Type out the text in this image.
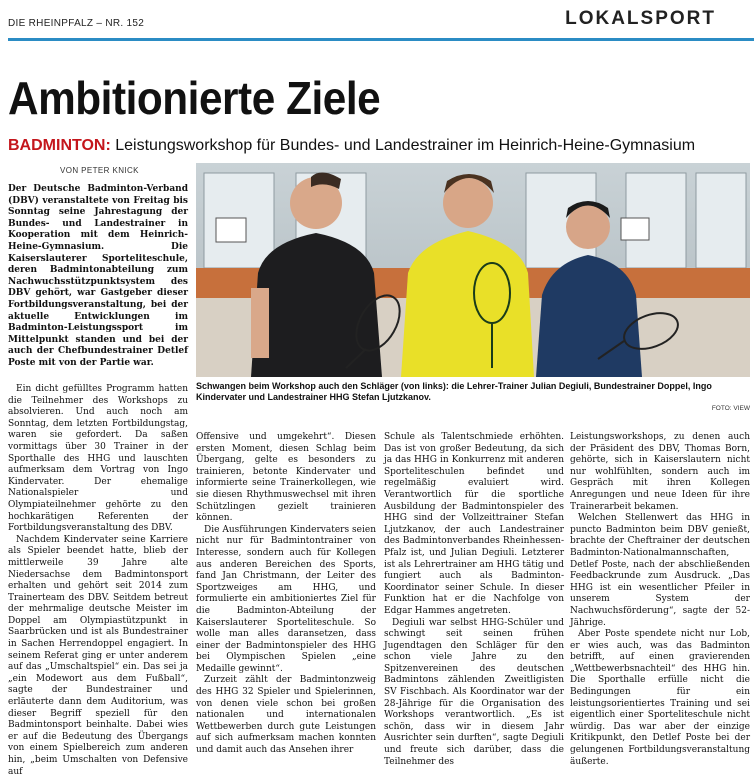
DIE RHEINPFALZ – NR. 152	LOKALSPORT
Ambitionierte Ziele
BADMINTON: Leistungsworkshop für Bundes- und Landestrainer im Heinrich-Heine-Gymnasium
VON PETER KNICK
Der Deutsche Badminton-Verband (DBV) veranstaltete von Freitag bis Sonntag seine Jahrestagung der Bundes- und Landestrainer in Kooperation mit dem Heinrich-Heine-Gymnasium. Die Kaiserslauterer Sporteliteschule, deren Badmintonabteilung zum Nachwuchsstützpunktsystem des DBV gehört, war Gastgeber dieser Fortbildungsveranstaltung, bei der aktuelle Entwicklungen im Badminton-Leistungssport im Mittelpunkt standen und bei der auch der Chefbundestrainer Detlef Poste mit von der Partie war.

Ein dicht gefülltes Programm hatten die Teilnehmer des Workshops zu absolvieren. Und auch noch am Sonntag, dem letzten Fortbildungstag, waren sie gefordert. Da saßen vormittags über 30 Trainer in der Sporthalle des HHG und lauschten aufmerksam dem Vortrag von Ingo Kindervater. Der ehemalige Nationalspieler und Olympiateilnehmer gehörte zu den hochkarätigen Referenten der Fortbildungsveranstaltung des DBV.

Nachdem Kindervater seine Karriere als Spieler beendet hatte, blieb der mittlerweile 39 Jahre alte Niedersachse dem Badmintonsport erhalten und gehört seit 2014 zum Trainerteam des DBV. Seitdem betreut der mehrmalige deutsche Meister im Doppel am Olympiastützpunkt in Saarbrücken und ist als Bundestrainer in Sachen Herrendoppel engagiert. In seinem Referat ging er unter anderem auf das „Umschaltspiel“ ein. Das sei ja „ein Modewort aus dem Fußball“, sagte der Bundestrainer und erläuterte dann dem Auditorium, was dieser Begriff speziell für den Badmintonsport beinhalte. Dabei wies er auf die Bedeutung des Übergangs von einem Spielbereich zum anderen hin, „beim Umschalten von Defensive auf

Schwangen beim Workshop auch den Schläger (von links): die Lehrer-Trainer Julian Degiuli, Bundestrainer Doppel, Ingo Kindervater und Landestrainer HHG Stefan Ljutzkanov.
FOTO: VIEW

Offensive und umgekehrt“. Diesen ersten Moment, diesen Schlag beim Übergang, gelte es besonders zu trainieren, betonte Kindervater und informierte seine Trainerkollegen, wie sie diesen Rhythmuswechsel mit ihren Schützlingen gezielt trainieren können.

Die Ausführungen Kindervaters seien nicht nur für Badmintontrainer von Interesse, sondern auch für Kollegen aus anderen Bereichen des Sports, fand Jan Christmann, der Leiter des Sportzweiges am HHG, und formulierte ein ambitioniertes Ziel für die Badminton-Abteilung der Kaiserslauterer Sporteliteschule. So wolle man alles daransetzen, dass einer der Badmintonspieler des HHG bei Olympischen Spielen „eine Medaille gewinnt“.

Zurzeit zählt der Badmintonzweig des HHG 32 Spieler und Spielerinnen, von denen viele schon bei großen nationalen und internationalen Wettbewerben durch gute Leistungen auf sich aufmerksam machen konnten und damit auch das Ansehen ihrer

Schule als Talentschmiede erhöhten. Das ist von großer Bedeutung, da sich ja das HHG in Konkurrenz mit anderen Sporteliteschulen befindet und regelmäßig evaluiert wird. Verantwortlich für die sportliche Ausbildung der Badmintonspieler des HHG sind der Vollzeittrainer Stefan Ljutzkanov, der auch Landestrainer des Badmintonverbandes Rheinhessen-Pfalz ist, und Julian Degiuli. Letzterer ist als Lehrertrainer am HHG tätig und fungiert auch als Badminton-Koordinator seiner Schule. In dieser Funktion hat er die Nachfolge von Edgar Hammes angetreten.

Degiuli war selbst HHG-Schüler und schwingt seit seinen frühen Jugendtagen den Schläger für den schon viele Jahre zu den Spitzenvereinen des deutschen Badmintons zählenden Zweitligisten SV Fischbach. Als Koordinator war der 28-Jährige für die Organisation des Workshops verantwortlich. „Es ist schön, dass wir in diesem Jahr Ausrichter sein durften“, sagte Degiuli und freute sich darüber, dass die Teilnehmer des

Leistungsworkshops, zu denen auch der Präsident des DBV, Thomas Born, gehörte, sich in Kaiserslautern nicht nur wohlfühlten, sondern auch im Gespräch mit ihren Kollegen Anregungen und neue Ideen für ihre Trainerarbeit bekamen.

Welchen Stellenwert das HHG in puncto Badminton beim DBV genießt, brachte der Cheftrainer der deutschen Badminton-Nationalmannschaften, Detlef Poste, nach der abschließenden Feedbackrunde zum Ausdruck. „Das HHG ist ein wesentlicher Pfeiler in unserem System der Nachwuchsförderung“, sagte der 52-Jährige.

Aber Poste spendete nicht nur Lob, er wies auch, was das Badminton betrifft, auf einen gravierenden „Wettbewerbsnachteil“ des HHG hin. Die Sporthalle erfülle nicht die Bedingungen für ein leistungsorientiertes Training und sei eigentlich einer Sporteliteschule nicht würdig. Das war aber der einzige Kritikpunkt, den Detlef Poste bei der gelungenen Fortbildungsveranstaltung äußerte.
